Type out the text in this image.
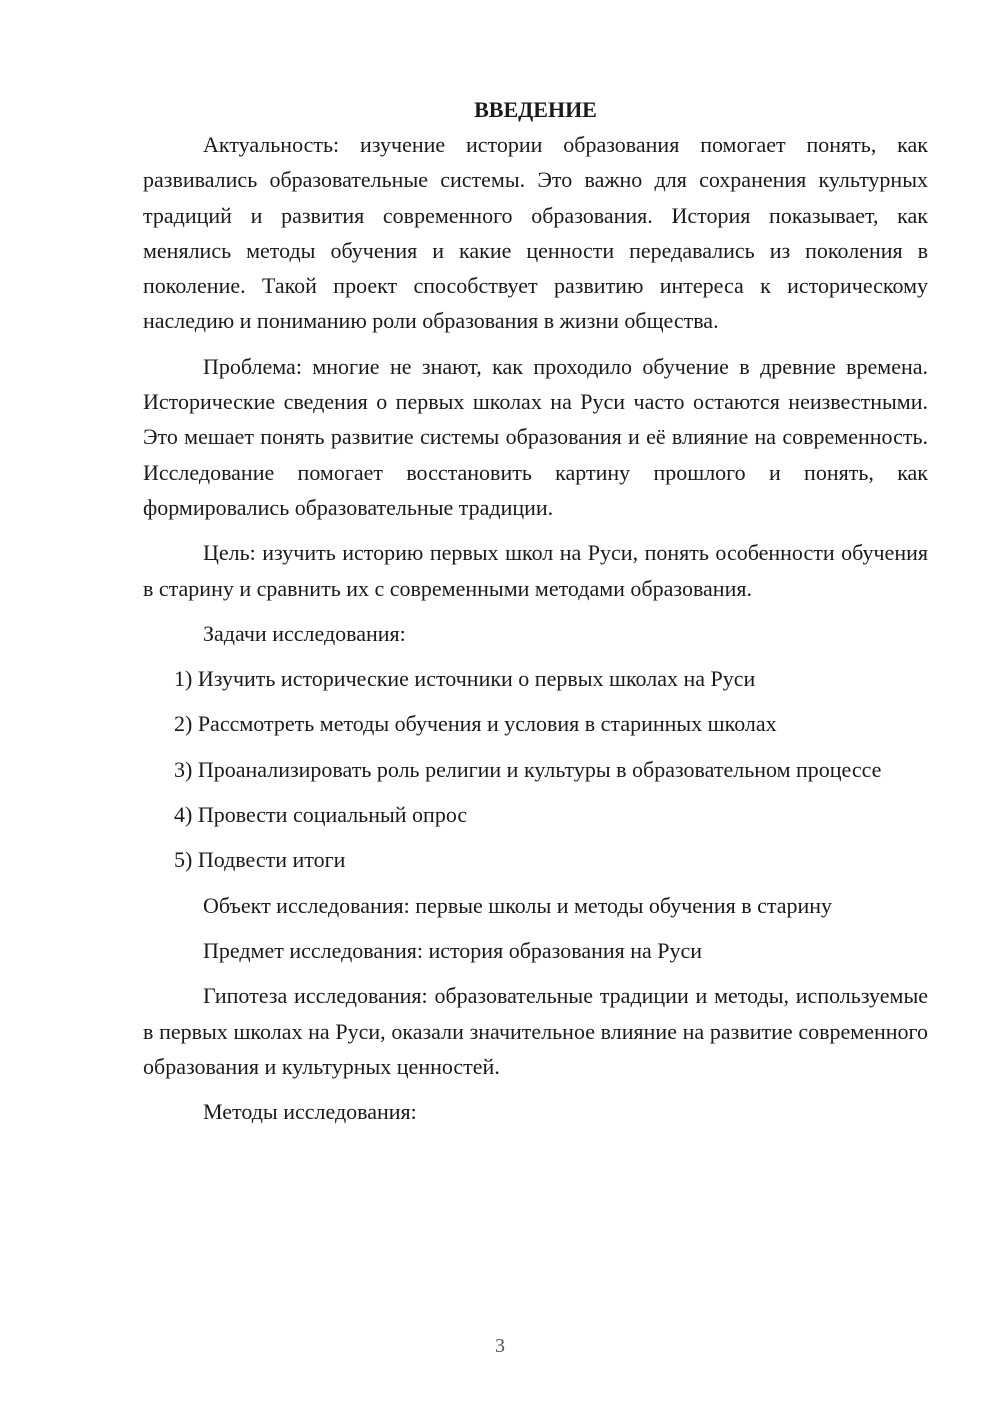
ВВЕДЕНИЕ

Актуальность: изучение истории образования помогает понять, как развивались образовательные системы. Это важно для сохранения культурных традиций и развития современного образования. История показывает, как менялись методы обучения и какие ценности передавались из поколения в поколение. Такой проект способствует развитию интереса к историческому наследию и пониманию роли образования в жизни общества.

Проблема: многие не знают, как проходило обучение в древние времена. Исторические сведения о первых школах на Руси часто остаются неизвестными. Это мешает понять развитие системы образования и её влияние на современность. Исследование помогает восстановить картину прошлого и понять, как формировались образовательные традиции.

Цель: изучить историю первых школ на Руси, понять особенности обучения в старину и сравнить их с современными методами образования.

Задачи исследования:

1) Изучить исторические источники о первых школах на Руси

2) Рассмотреть методы обучения и условия в старинных школах

3) Проанализировать роль религии и культуры в образовательном процессе

4) Провести социальный опрос

5) Подвести итоги

Объект исследования: первые школы и методы обучения в старину

Предмет исследования: история образования на Руси

Гипотеза исследования: образовательные традиции и методы, используемые в первых школах на Руси, оказали значительное влияние на развитие современного образования и культурных ценностей.

Методы исследования:

3
